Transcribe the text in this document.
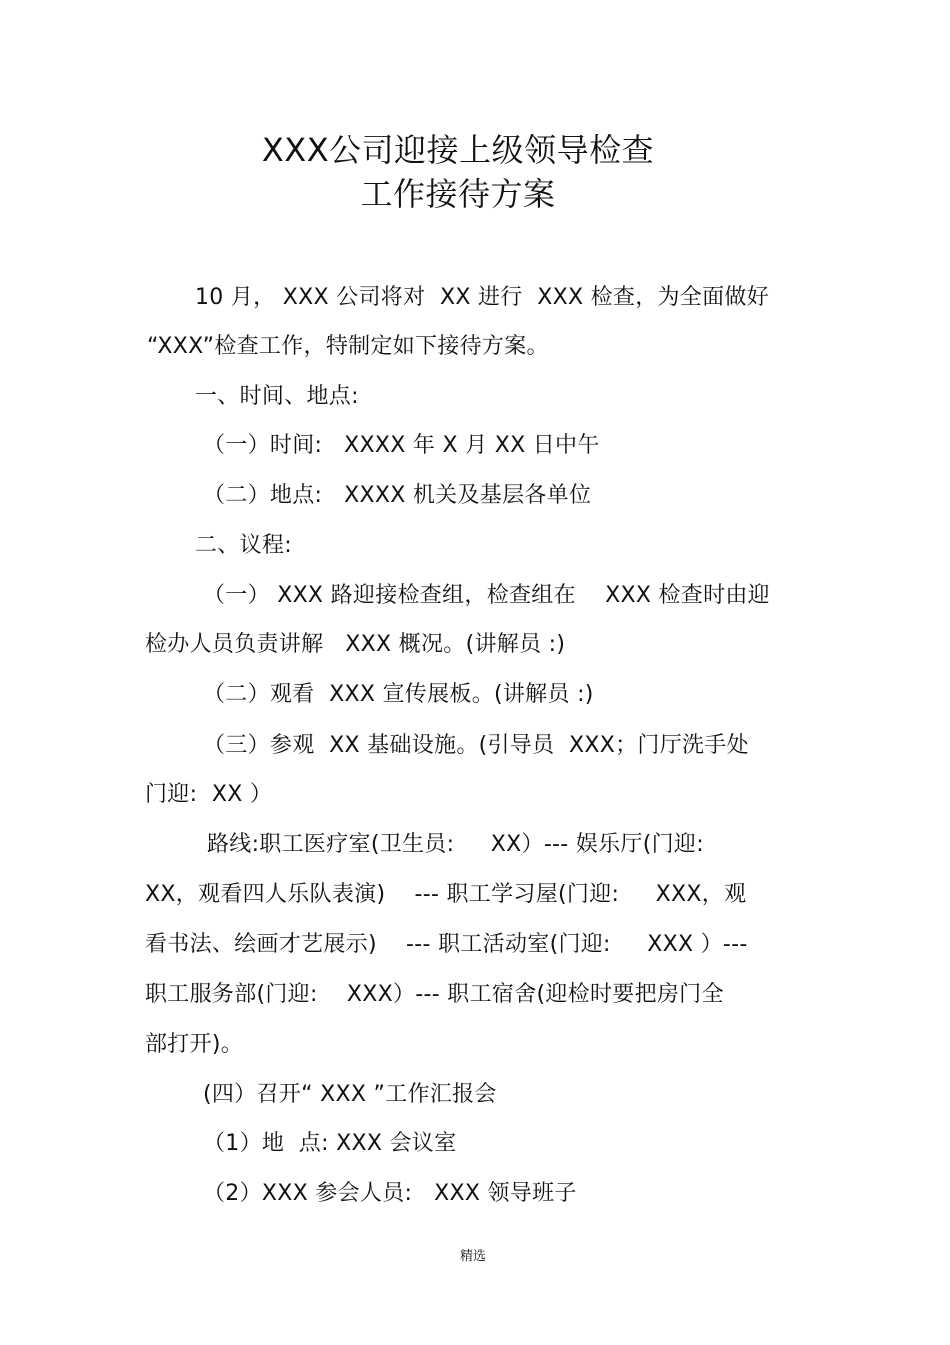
XXX公司迎接上级领导检查
工作接待方案
10 月， XXX 公司将对  XX 进行  XXX 检查，为全面做好
“XXX”检查工作，特制定如下接待方案。
一、时间、地点:
（一）时间:   XXXX 年 X 月 XX 日中午
（二）地点:   XXXX 机关及基层各单位
二、议程:
（一） XXX 路迎接检查组，检查组在    XXX 检查时由迎
检办人员负责讲解   XXX 概况。(讲解员 :)
（二）观看  XXX 宣传展板。(讲解员 :)
（三）参观  XX 基础设施。(引导员  XXX；门厅洗手处
门迎:  XX ）
路线:职工医疗室(卫生员:     XX）--- 娱乐厅(门迎:
XX，观看四人乐队表演)    --- 职工学习屋(门迎:     XXX，观
看书法、绘画才艺展示)    --- 职工活动室(门迎:     XXX ）---
职工服务部(门迎:    XXX）--- 职工宿舍(迎检时要把房门全
部打开)。
(四）召开“ XXX ”工作汇报会
（1）地  点: XXX 会议室
（2）XXX 参会人员:   XXX 领导班子
精选
